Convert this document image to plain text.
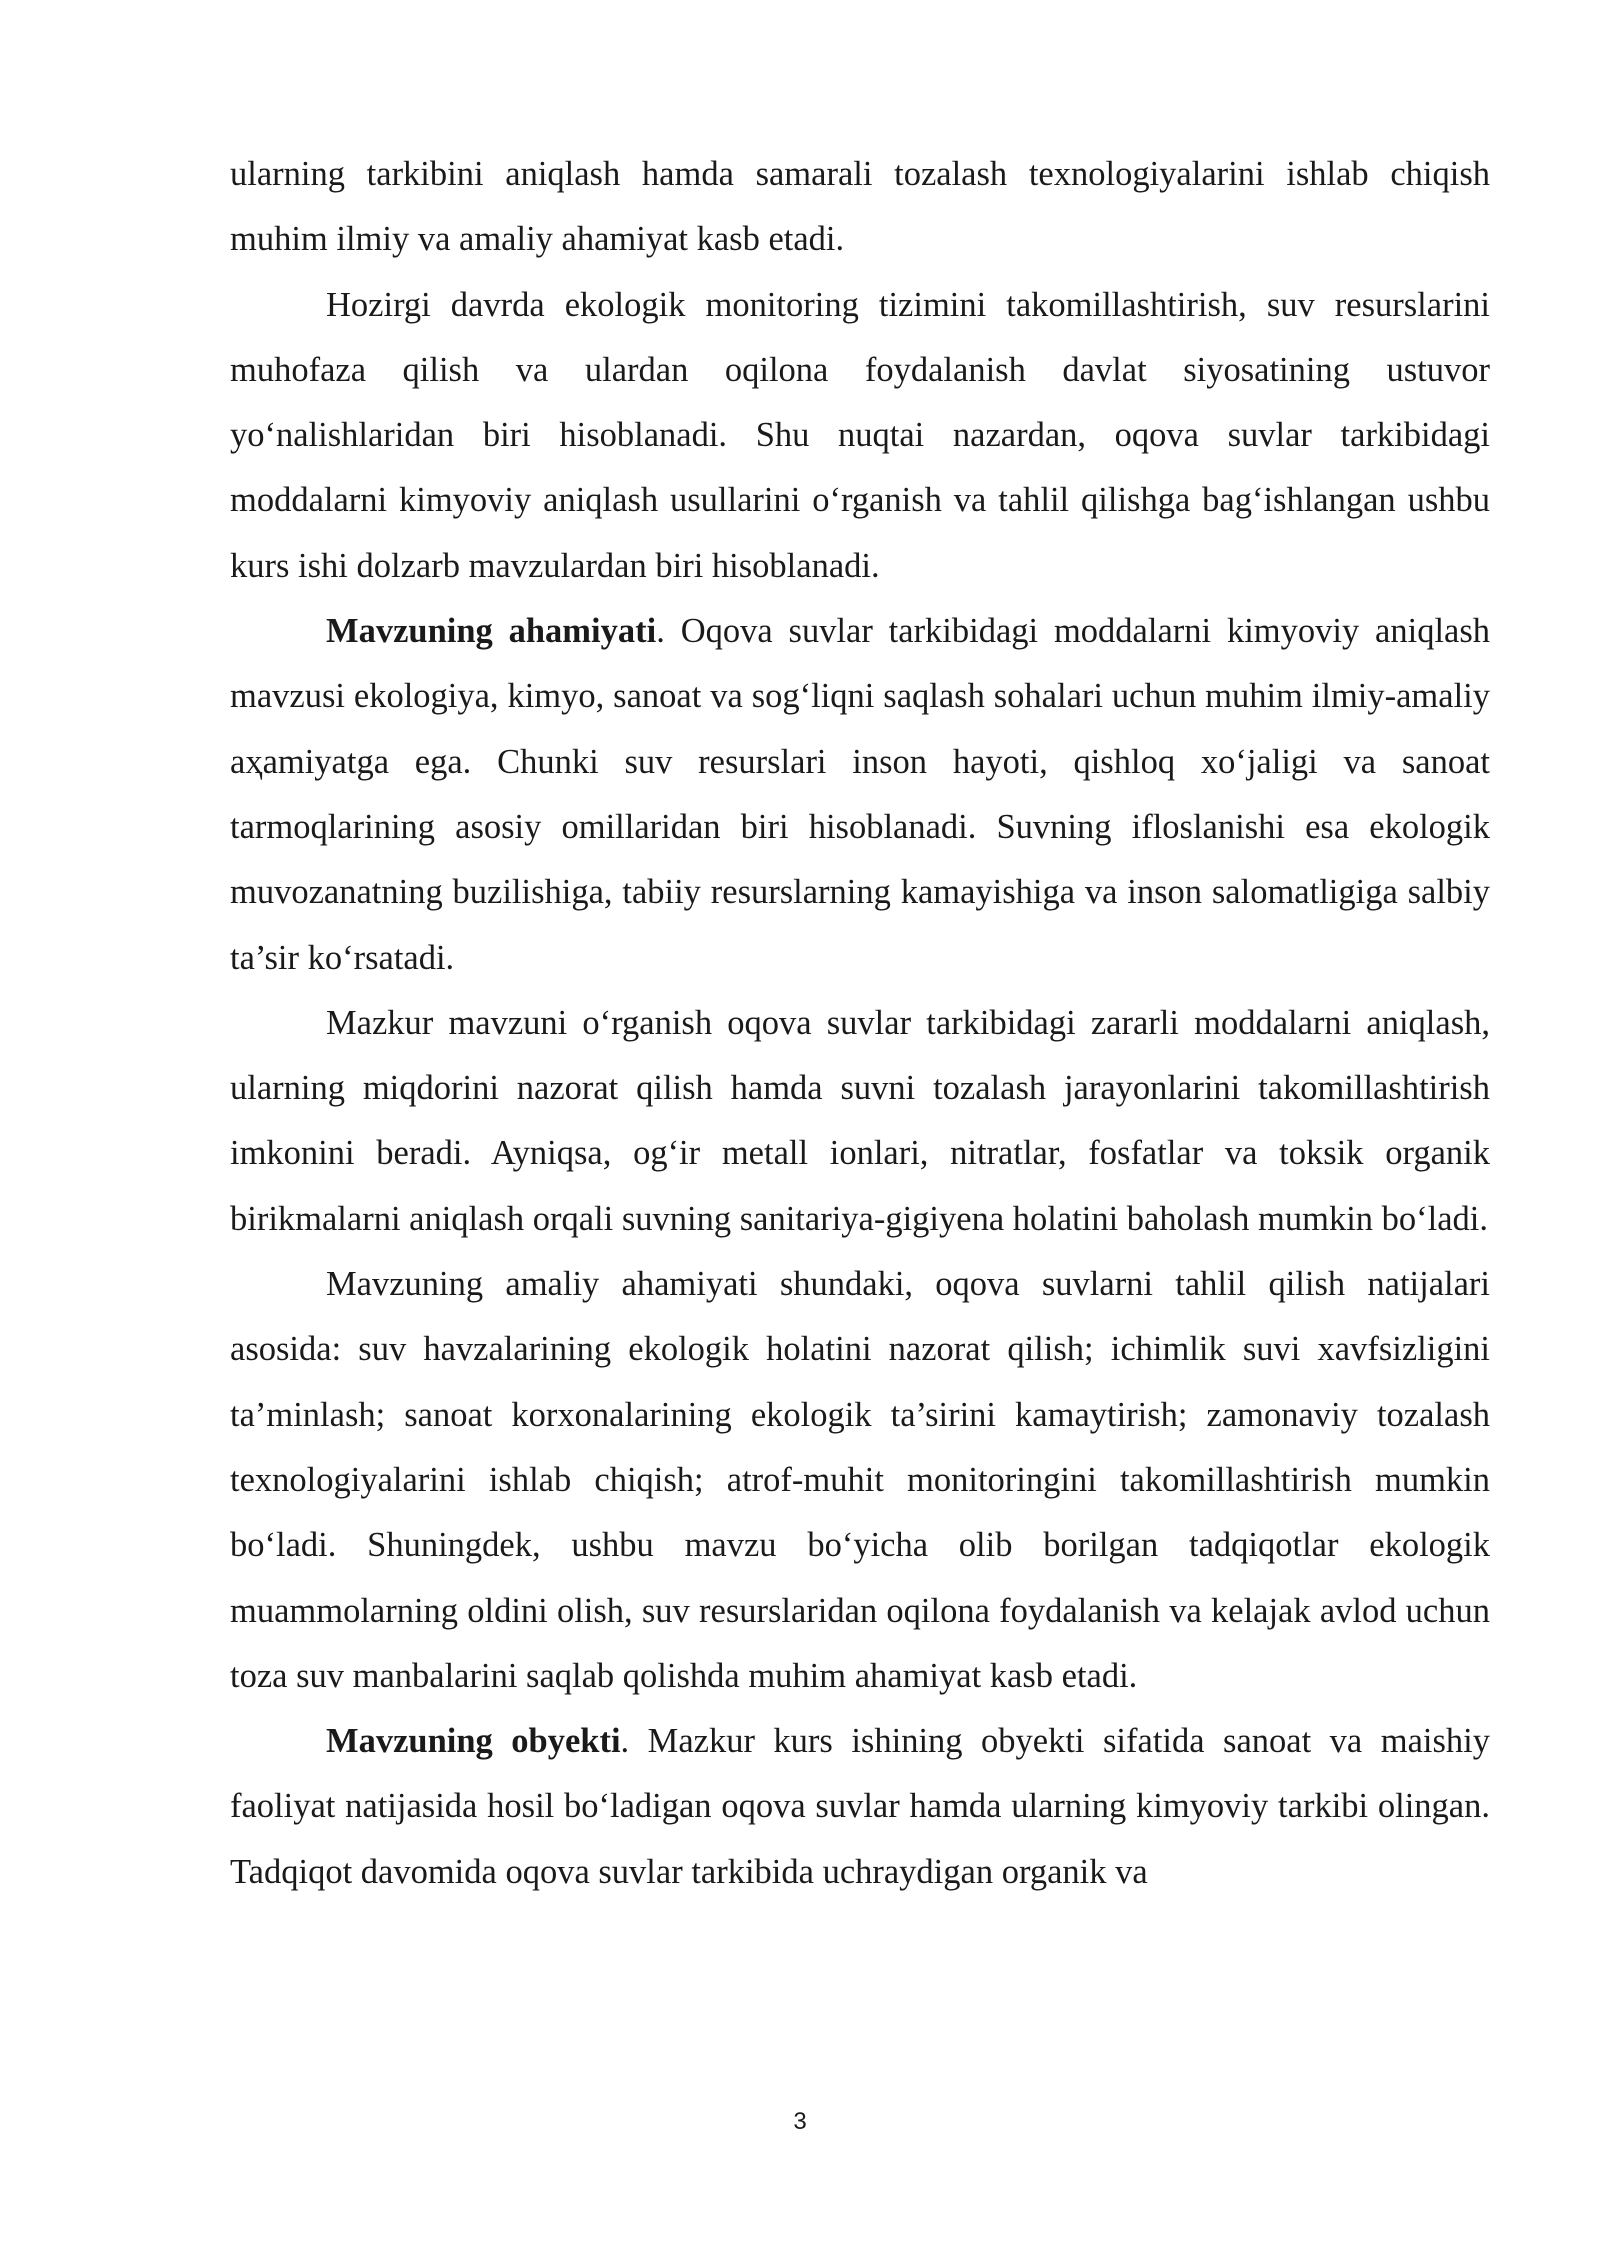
ularning tarkibini aniqlash hamda samarali tozalash texnologiyalarini ishlab chiqish muhim ilmiy va amaliy ahamiyat kasb etadi.

Hozirgi davrda ekologik monitoring tizimini takomillashtirish, suv resurslarini muhofaza qilish va ulardan oqilona foydalanish davlat siyosatining ustuvor yo‘nalishlaridan biri hisoblanadi. Shu nuqtai nazardan, oqova suvlar tarkibidagi moddalarni kimyoviy aniqlash usullarini o‘rganish va tahlil qilishga bag‘ishlangan ushbu kurs ishi dolzarb mavzulardan biri hisoblanadi.

Mavzuning ahamiyati. Oqova suvlar tarkibidagi moddalarni kimyoviy aniqlash mavzusi ekologiya, kimyo, sanoat va sog‘liqni saqlash sohalari uchun muhim ilmiy-amaliy aҳamiyatga ega. Chunki suv resurslari inson hayoti, qishloq xo‘jaligi va sanoat tarmoqlarining asosiy omillaridan biri hisoblanadi. Suvning ifloslanishi esa ekologik muvozanatning buzilishiga, tabiiy resurslarning kamayishiga va inson salomatligiga salbiy ta’sir ko‘rsatadi.

Mazkur mavzuni o‘rganish oqova suvlar tarkibidagi zararli moddalarni aniqlash, ularning miqdorini nazorat qilish hamda suvni tozalash jarayonlarini takomillashtirish imkonini beradi. Ayniqsa, og‘ir metall ionlari, nitratlar, fosfatlar va toksik organik birikmalarni aniqlash orqali suvning sanitariya-gigiyena holatini baholash mumkin bo‘ladi.

Mavzuning amaliy ahamiyati shundaki, oqova suvlarni tahlil qilish natijalari asosida: suv havzalarining ekologik holatini nazorat qilish; ichimlik suvi xavfsizligini ta’minlash; sanoat korxonalarining ekologik ta’sirini kamaytirish; zamonaviy tozalash texnologiyalarini ishlab chiqish; atrof-muhit monitoringini takomillashtirish mumkin bo‘ladi. Shuningdek, ushbu mavzu bo‘yicha olib borilgan tadqiqotlar ekologik muammolarning oldini olish, suv resurslaridan oqilona foydalanish va kelajak avlod uchun toza suv manbalarini saqlab qolishda muhim ahamiyat kasb etadi.

Mavzuning obyekti. Mazkur kurs ishining obyekti sifatida sanoat va maishiy faoliyat natijasida hosil bo‘ladigan oqova suvlar hamda ularning kimyoviy tarkibi olingan. Tadqiqot davomida oqova suvlar tarkibida uchraydigan organik va

3
